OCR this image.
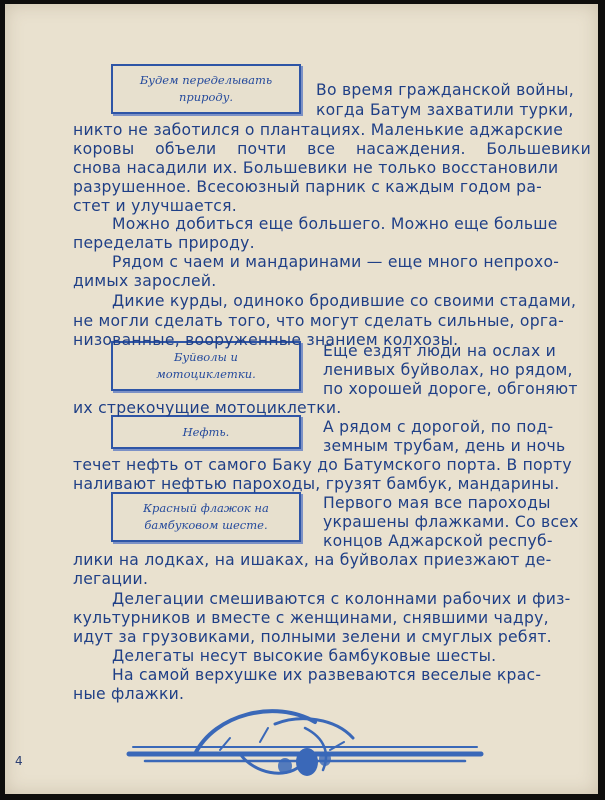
Будем переделывать
природу.
Буйволы и
мотоциклетки.
Нефть.
Красный флажок на
бамбуковом шесте.
Во время гражданской войны,
когда Батум захватили турки,
никто не заботился о плантациях. Маленькие аджарские
коровы объели почти все насаждения. Большевики
снова насадили их. Большевики не только восстановили
разрушенное. Всесоюзный парник с каждым годом ра-
стет и улучшается.
Можно добиться еще большего. Можно еще больше
переделать природу.
Рядом с чаем и мандаринами — еще много непрохо-
димых зарослей.
Дикие курды, одиноко бродившие со своими стадами,
не могли сделать того, что могут сделать сильные, орга-
низованные, вооруженные знанием колхозы.
Еще ездят люди на ослах и
ленивых буйволах, но рядом,
по хорошей дороге, обгоняют
их стрекочущие мотоциклетки.
А рядом с дорогой, по под-
земным трубам, день и ночь
течет нефть от самого Баку до Батумского порта. В порту
наливают нефтью пароходы, грузят бамбук, мандарины.
Первого мая все пароходы
украшены флажками. Со всех
концов Аджарской респуб-
лики на лодках, на ишаках, на буйволах приезжают де-
легации.
Делегации смешиваются с колоннами рабочих и физ-
культурников и вместе с женщинами, снявшими чадру,
идут за грузовиками, полными зелени и смуглых ребят.
Делегаты несут высокие бамбуковые шесты.
На самой верхушке их развеваются веселые крас-
ные флажки.
4
